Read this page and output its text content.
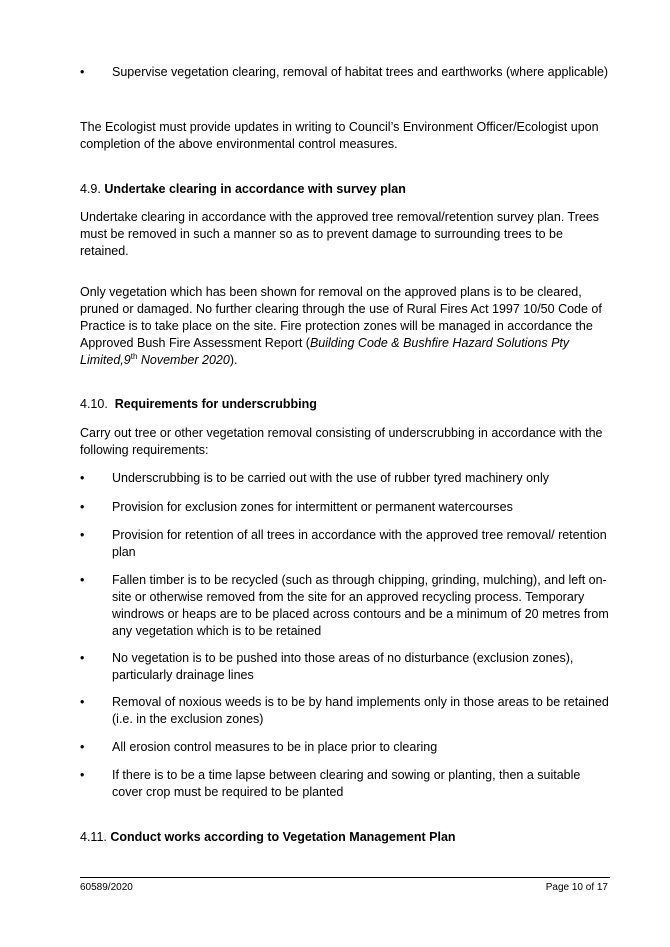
•	Supervise vegetation clearing, removal of habitat trees and earthworks (where applicable)

The Ecologist must provide updates in writing to Council’s Environment Officer/Ecologist upon completion of the above environmental control measures.

4.9. Undertake clearing in accordance with survey plan

Undertake clearing in accordance with the approved tree removal/retention survey plan. Trees must be removed in such a manner so as to prevent damage to surrounding trees to be retained.

Only vegetation which has been shown for removal on the approved plans is to be cleared, pruned or damaged. No further clearing through the use of Rural Fires Act 1997 10/50 Code of Practice is to take place on the site. Fire protection zones will be managed in accordance the Approved Bush Fire Assessment Report (Building Code & Bushfire Hazard Solutions Pty Limited,9th November 2020).

4.10. Requirements for underscrubbing

Carry out tree or other vegetation removal consisting of underscrubbing in accordance with the following requirements:

•	Underscrubbing is to be carried out with the use of rubber tyred machinery only
•	Provision for exclusion zones for intermittent or permanent watercourses
•	Provision for retention of all trees in accordance with the approved tree removal/ retention plan
•	Fallen timber is to be recycled (such as through chipping, grinding, mulching), and left on-site or otherwise removed from the site for an approved recycling process. Temporary windrows or heaps are to be placed across contours and be a minimum of 20 metres from any vegetation which is to be retained
•	No vegetation is to be pushed into those areas of no disturbance (exclusion zones), particularly drainage lines
•	Removal of noxious weeds is to be by hand implements only in those areas to be retained (i.e. in the exclusion zones)
•	All erosion control measures to be in place prior to clearing
•	If there is to be a time lapse between clearing and sowing or planting, then a suitable cover crop must be required to be planted

4.11. Conduct works according to Vegetation Management Plan

60589/2020	Page 10 of 17
